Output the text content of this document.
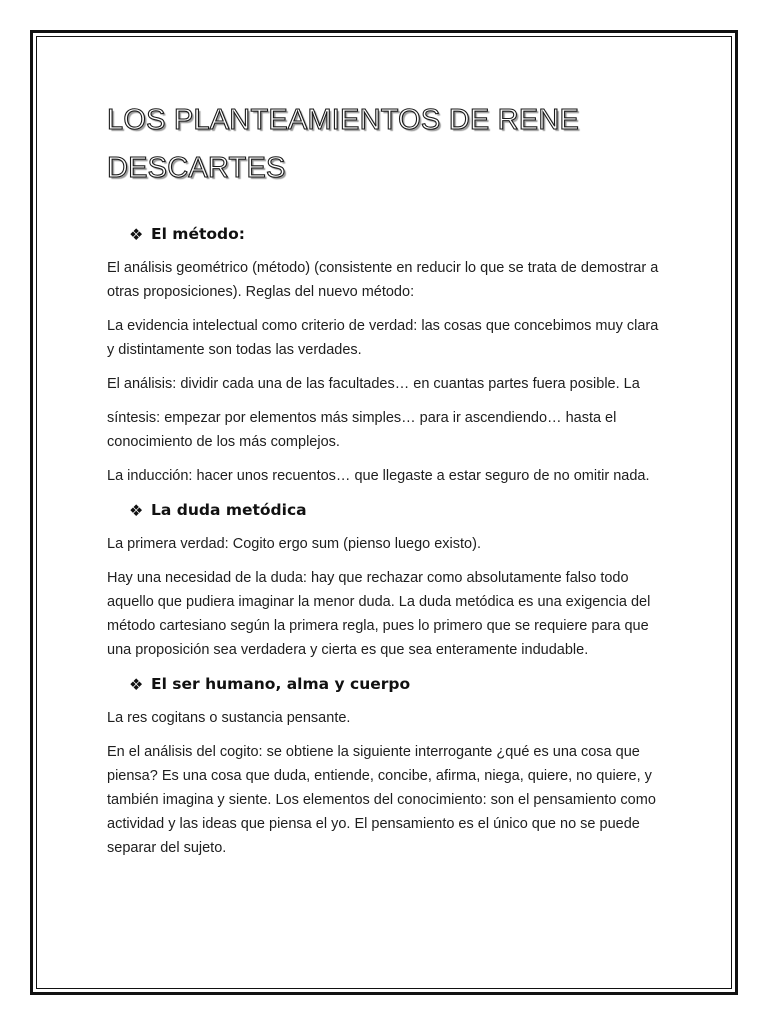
LOS PLANTEAMIENTOS DE RENE
DESCARTES
❖ El método:

El análisis geométrico (método) (consistente en reducir lo que se trata de demostrar a otras proposiciones). Reglas del nuevo método:

La evidencia intelectual como criterio de verdad: las cosas que concebimos muy clara y distintamente son todas las verdades.

El análisis: dividir cada una de las facultades… en cuantas partes fuera posible. La

síntesis: empezar por elementos más simples… para ir ascendiendo… hasta el conocimiento de los más complejos.

La inducción: hacer unos recuentos… que llegaste a estar seguro de no omitir nada.

❖ La duda metódica

La primera verdad: Cogito ergo sum (pienso luego existo).

Hay una necesidad de la duda: hay que rechazar como absolutamente falso todo aquello que pudiera imaginar la menor duda. La duda metódica es una exigencia del método cartesiano según la primera regla, pues lo primero que se requiere para que una proposición sea verdadera y cierta es que sea enteramente indudable.

❖ El ser humano, alma y cuerpo

La res cogitans o sustancia pensante.

En el análisis del cogito: se obtiene la siguiente interrogante ¿qué es una cosa que piensa? Es una cosa que duda, entiende, concibe, afirma, niega, quiere, no quiere, y también imagina y siente. Los elementos del conocimiento: son el pensamiento como actividad y las ideas que piensa el yo. El pensamiento es el único que no se puede separar del sujeto.
